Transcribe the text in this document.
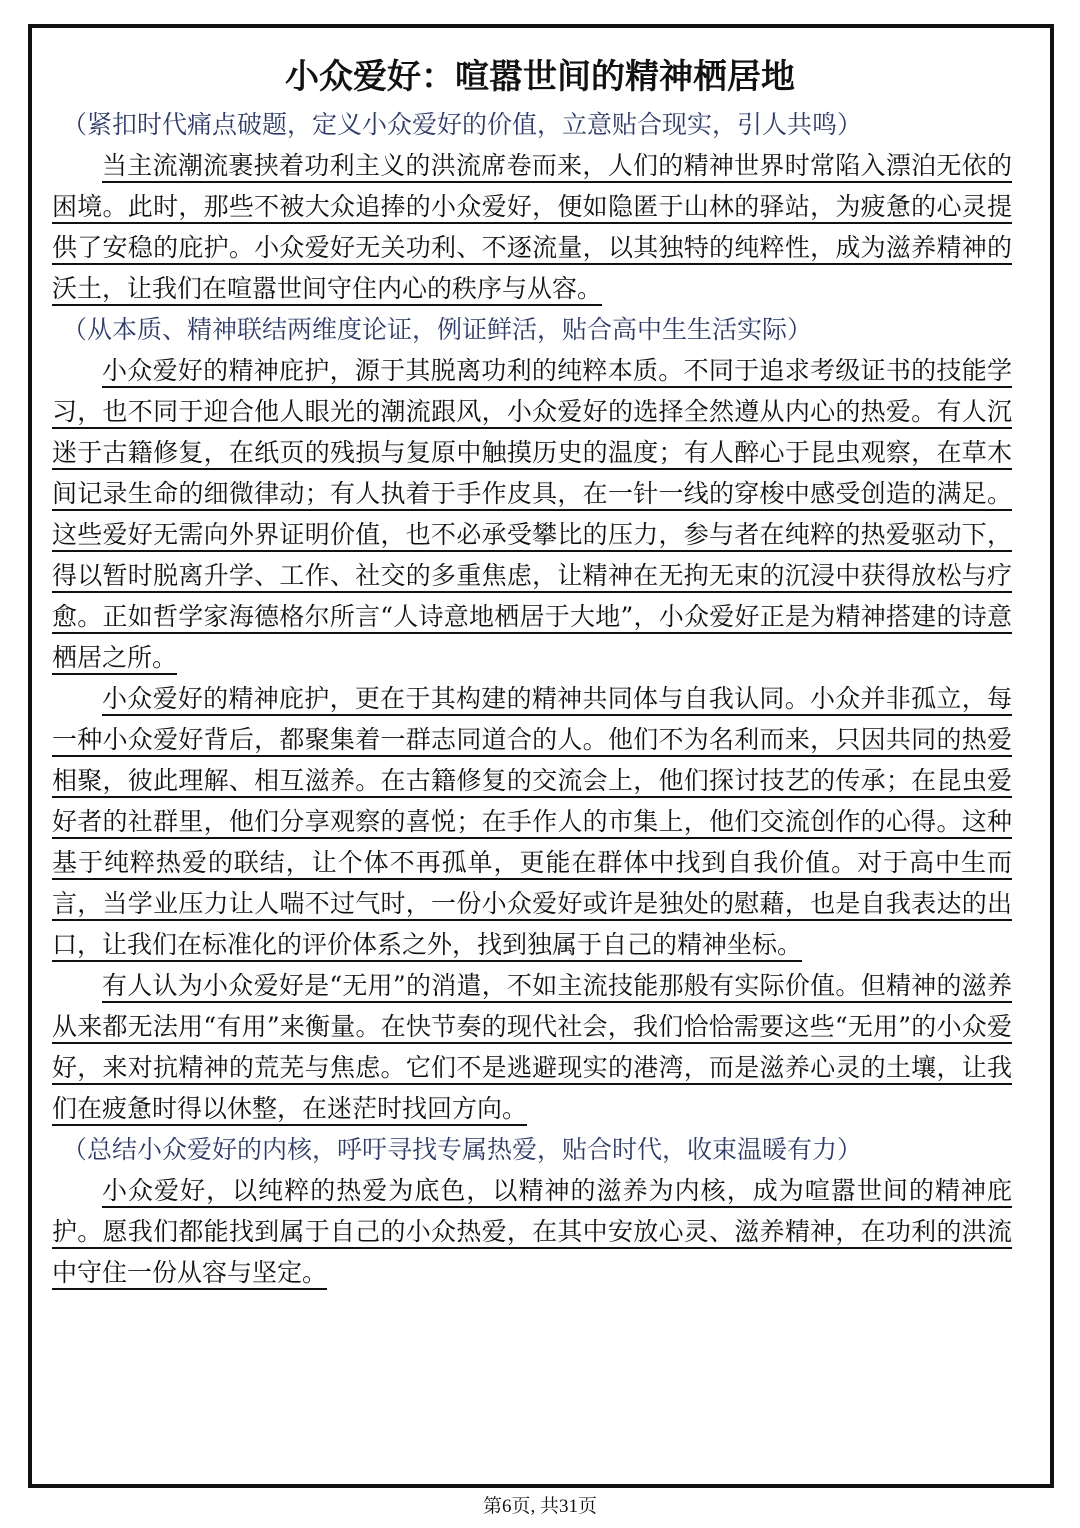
小众爱好：喧嚣世间的精神栖居地

（紧扣时代痛点破题，定义小众爱好的价值，立意贴合现实，引人共鸣）

当主流潮流裹挟着功利主义的洪流席卷而来，人们的精神世界时常陷入漂泊无依的困境。此时，那些不被大众追捧的小众爱好，便如隐匿于山林的驿站，为疲惫的心灵提供了安稳的庇护。小众爱好无关功利、不逐流量，以其独特的纯粹性，成为滋养精神的沃土，让我们在喧嚣世间守住内心的秩序与从容。

（从本质、精神联结两维度论证，例证鲜活，贴合高中生生活实际）

小众爱好的精神庇护，源于其脱离功利的纯粹本质。不同于追求考级证书的技能学习，也不同于迎合他人眼光的潮流跟风，小众爱好的选择全然遵从内心的热爱。有人沉迷于古籍修复，在纸页的残损与复原中触摸历史的温度；有人醉心于昆虫观察，在草木间记录生命的细微律动；有人执着于手作皮具，在一针一线的穿梭中感受创造的满足。这些爱好无需向外界证明价值，也不必承受攀比的压力，参与者在纯粹的热爱驱动下，得以暂时脱离升学、工作、社交的多重焦虑，让精神在无拘无束的沉浸中获得放松与疗愈。正如哲学家海德格尔所言“人诗意地栖居于大地”，小众爱好正是为精神搭建的诗意栖居之所。

小众爱好的精神庇护，更在于其构建的精神共同体与自我认同。小众并非孤立，每一种小众爱好背后，都聚集着一群志同道合的人。他们不为名利而来，只因共同的热爱相聚，彼此理解、相互滋养。在古籍修复的交流会上，他们探讨技艺的传承；在昆虫爱好者的社群里，他们分享观察的喜悦；在手作人的市集上，他们交流创作的心得。这种基于纯粹热爱的联结，让个体不再孤单，更能在群体中找到自我价值。对于高中生而言，当学业压力让人喘不过气时，一份小众爱好或许是独处的慰藉，也是自我表达的出口，让我们在标准化的评价体系之外，找到独属于自己的精神坐标。

有人认为小众爱好是“无用”的消遣，不如主流技能那般有实际价值。但精神的滋养从来都无法用“有用”来衡量。在快节奏的现代社会，我们恰恰需要这些“无用”的小众爱好，来对抗精神的荒芜与焦虑。它们不是逃避现实的港湾，而是滋养心灵的土壤，让我们在疲惫时得以休整，在迷茫时找回方向。

（总结小众爱好的内核，呼吁寻找专属热爱，贴合时代，收束温暖有力）

小众爱好，以纯粹的热爱为底色，以精神的滋养为内核，成为喧嚣世间的精神庇护。愿我们都能找到属于自己的小众热爱，在其中安放心灵、滋养精神，在功利的洪流中守住一份从容与坚定。

第6页, 共31页
